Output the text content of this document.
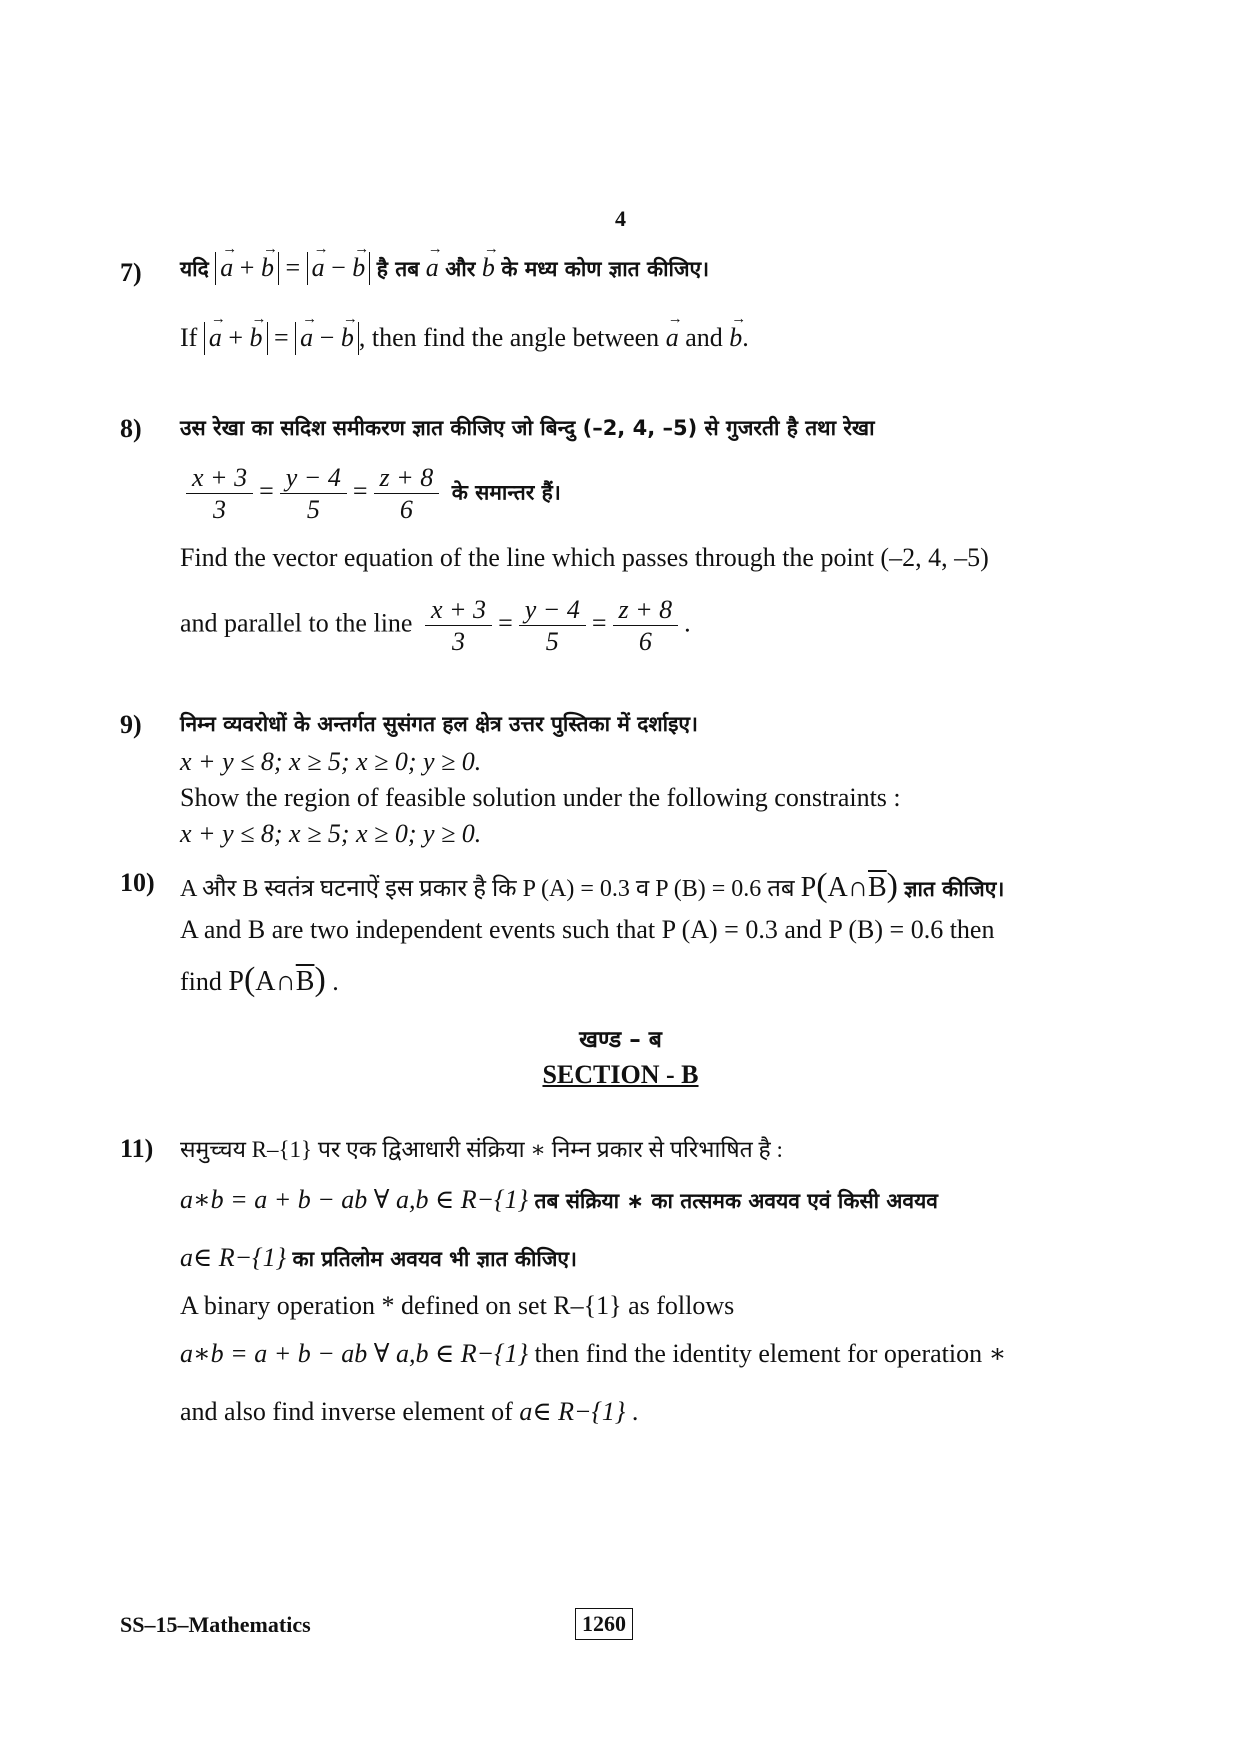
4
7) यदि → a + → b = → a − → b है तब → a और → b के मध्य कोण ज्ञात कीजिए।
If → a + → b = → a − → b , then find the angle between → a and → b.
8) उस रेखा का सदिश समीकरण ज्ञात कीजिए जो बिन्दु (–2, 4, –5) से गुजरती है तथा रेखा
$\frac{x + 3}{3} = \frac{y - 4}{5} = \frac{z + 8}{6}$ के समान्तर हैं।
Find the vector equation of the line which passes through the point (–2, 4, –5)
and parallel to the line $\frac{x + 3}{3} = \frac{y - 4}{5} = \frac{z + 8}{6}$ .
9) निम्न व्यवरोधों के अन्तर्गत सुसंगत हल क्षेत्र उत्तर पुस्तिका में दर्शाइए।
x + y ≤ 8; x ≥ 5; x ≥ 0; y ≥ 0.
Show the region of feasible solution under the following constraints :
x + y ≤ 8; x ≥ 5; x ≥ 0; y ≥ 0.
10) A और B स्वतंत्र घटनाऐं इस प्रकार है कि P (A) = 0.3 व P (B) = 0.6 तब $P(A\cap\overline{B})$ ज्ञात कीजिए।
A and B are two independent events such that P (A) = 0.3 and P (B) = 0.6 then
find $P(A\cap\overline{B})$ .
खण्ड – ब
SECTION - B
11) समुच्चय R–{1} पर एक द्विआधारी संक्रिया ∗ निम्न प्रकार से परिभाषित है :
a∗b = a + b − ab ∀ a,b ∈ R−{1} तब संक्रिया ∗ का तत्समक अवयव एवं किसी अवयव
a∈ R−{1} का प्रतिलोम अवयव भी ज्ञात कीजिए।
A binary operation * defined on set R–{1} as follows
a∗b = a + b − ab ∀ a,b ∈ R−{1} then find the identity element for operation ∗
and also find inverse element of a∈ R−{1} .
SS–15–Mathematics	1260
